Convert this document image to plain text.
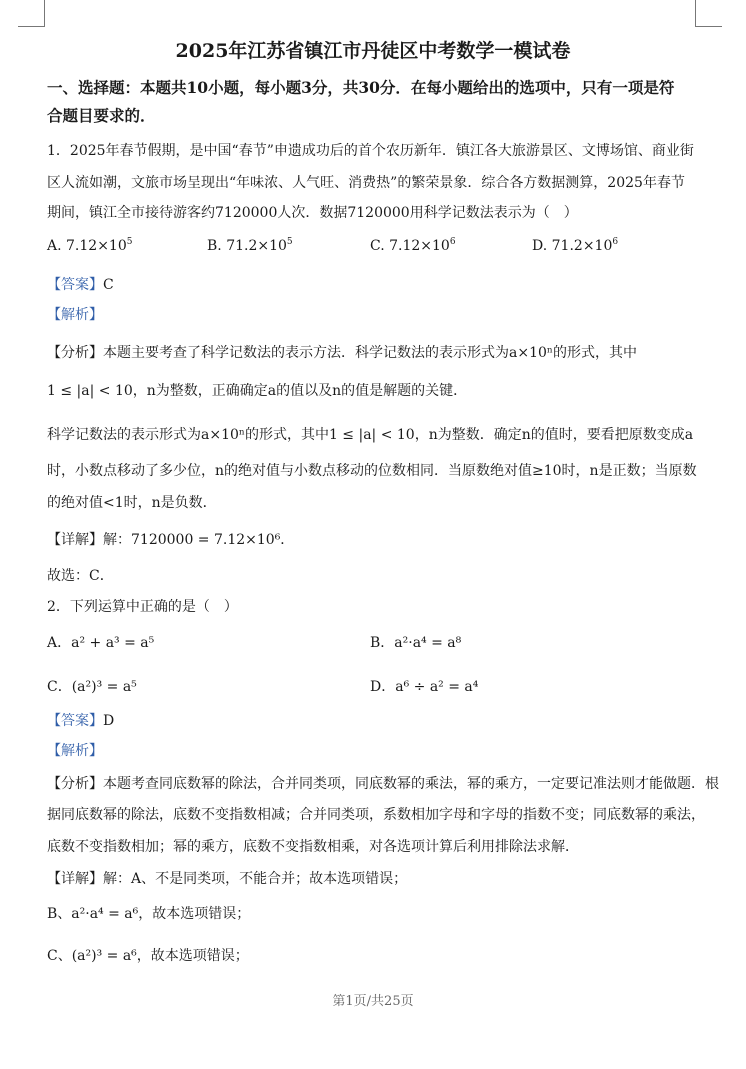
2025年江苏省镇江市丹徒区中考数学一模试卷
一、选择题：本题共10小题，每小题3分，共30分．在每小题给出的选项中，只有一项是符
合题目要求的．
1．2025年春节假期，是中国“春节”申遗成功后的首个农历新年．镇江各大旅游景区、文博场馆、商业街
区人流如潮，文旅市场呈现出“年味浓、人气旺、消费热”的繁荣景象．综合各方数据测算，2025年春节
期间，镇江全市接待游客约7120000人次．数据7120000用科学记数法表示为（　）
A. $7.12\times 10^5$	B. $71.2\times 10^5$	C. $7.12\times 10^6$	D. $71.2\times 10^6$
【答案】C
【解析】
【分析】本题主要考查了科学记数法的表示方法．科学记数法的表示形式为a×10ⁿ的形式，其中
1 ≤ |a| < 10，n为整数，正确确定a的值以及n的值是解题的关键．
科学记数法的表示形式为a×10ⁿ的形式，其中1 ≤ |a| < 10，n为整数．确定n的值时，要看把原数变成a
时，小数点移动了多少位，n的绝对值与小数点移动的位数相同．当原数绝对值≥10时，n是正数；当原数
的绝对值<1时，n是负数．
【详解】解：7120000 = 7.12×10⁶．
故选：C．
2．下列运算中正确的是（　）
A．a² + a³ = a⁵	B．a²·a⁴ = a⁸
C．(a²)³ = a⁵	D．a⁶ ÷ a² = a⁴
【答案】D
【解析】
【分析】本题考查同底数幂的除法，合并同类项，同底数幂的乘法，幂的乘方，一定要记准法则才能做题．根
据同底数幂的除法，底数不变指数相减；合并同类项，系数相加字母和字母的指数不变；同底数幂的乘法，
底数不变指数相加；幂的乘方，底数不变指数相乘，对各选项计算后利用排除法求解．
【详解】解：A、不是同类项，不能合并；故本选项错误；
B、a²·a⁴ = a⁶，故本选项错误；
C、(a²)³ = a⁶，故本选项错误；
第1页/共25页
